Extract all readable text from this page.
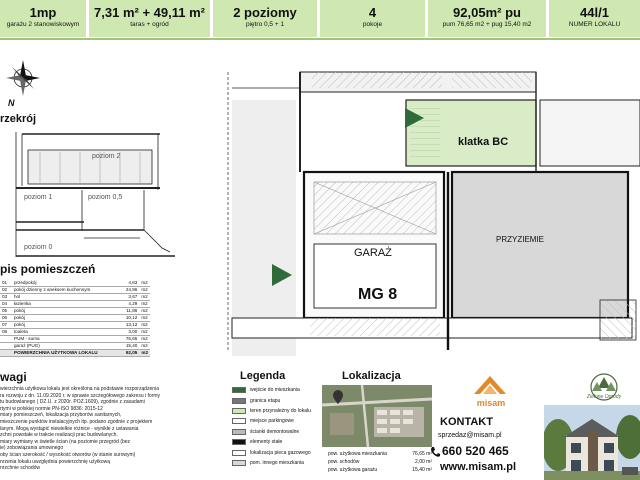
1mp
garażu 2 stanowiskowym
7,31 m² + 49,11 m²
taras + ogród
2 poziomy
piętro 0,5 + 1
4
pokoje
92,05m² pu
pum 76,65 m2 + pug 15,40 m2
44l/1
NUMER LOKALU
N
rzekrój
poziom 2
poziom 1	poziom 0,5
poziom 0
pis pomieszczeń
01	przedpokój	4,63	m2
02	pokój dzienny z aneksem kuchennym	24,96	m2
03	hol	3,67	m2
04	łazienka	4,29	m2
05	pokój	11,86	m2
06	pokój	10,12	m2
07	pokój	13,12	m2
08	toaleta	3,00	m2
	PUM - suma	76,65	m2
	garaż (PUG)	15,40	m2
	POWIERZCHNIA UŻYTKOWA LOKALU	92,05	m2
wagi
wierzchnia użytkowa lokalu jest określona na podstawie rozporządzenia
ra rozwoju z dn. 11.09.2020 r. w sprawie szczegółowego zakresu i formy
tu budowlanego ( DZ.U. z 2020r. POZ.1609), zgodnie z zasadami
rtymi w polskiej normie PN-ISO 9836: 2015-12
miary pomieszczeń, lokalizacja przyborów sanitarnych,
mieszczenie punktów instalacyjnych itp. podano zgodnie z projektem
lanym. Mogą wystąpić niewielkie różnice - wynikłe z ustawania
zchni powstałe w trakcie realizacji prac budowlanych.
miary wymiany w świetle ścian (na poziomie przegród (bez
ie) zobowiązania umownego
oby ścian szerokość / wysokość otworów (w stanie surowym)
nrzenia lokalu uwzględnia powierzchnię użytkową
nrzchnie schodów
klatka BC
GARAŻ
MG 8
PRZYZIEMIE
Legenda
wejście do mieszkania
granica etapu
teren przynależny do lokalu
miejsce parkingowe
ścianki demontowalne
elementy stałe
lokalizacja pieca gazowego
pom. innego mieszkania
Lokalizacja
pow. użytkowa mieszkania	76,65 m²
pow. schodów	2,00 m²
pow. użytkowa garażu	15,40 m²
misam
KONTAKT
sprzedaz@misam.pl
660 520 465
www.misam.pl
Zielone Ogrody
